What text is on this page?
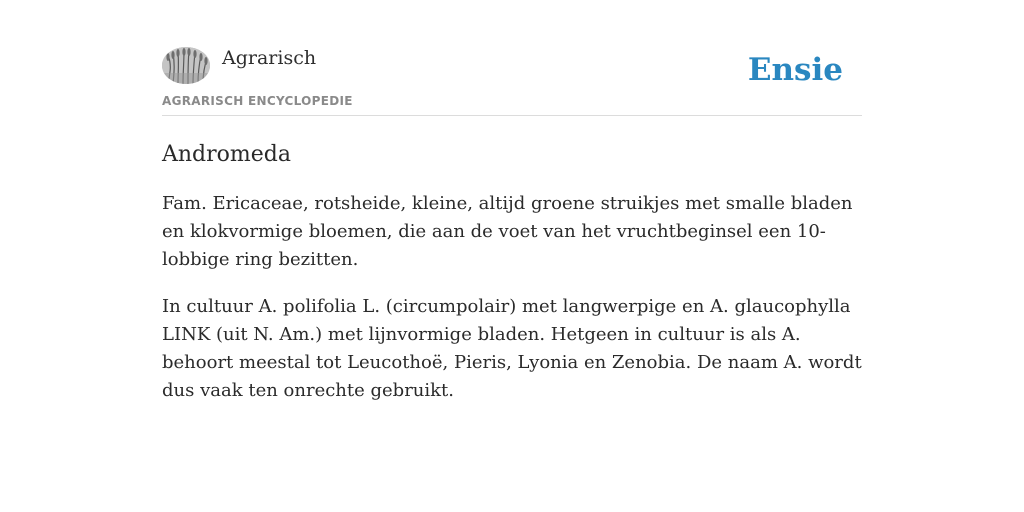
Agrarisch
AGRARISCH ENCYCLOPEDIE
Ensie
Andromeda

Fam. Ericaceae, rotsheide, kleine, altijd groene struikjes met smalle bladen en klokvormige bloemen, die aan de voet van het vruchtbeginsel een 10-lobbige ring bezitten.

In cultuur A. polifolia L. (circumpolair) met langwerpige en A. glaucophylla LINK (uit N. Am.) met lijnvormige bladen. Hetgeen in cultuur is als A. behoort meestal tot Leucothoë, Pieris, Lyonia en Zenobia. De naam A. wordt dus vaak ten onrechte gebruikt.
